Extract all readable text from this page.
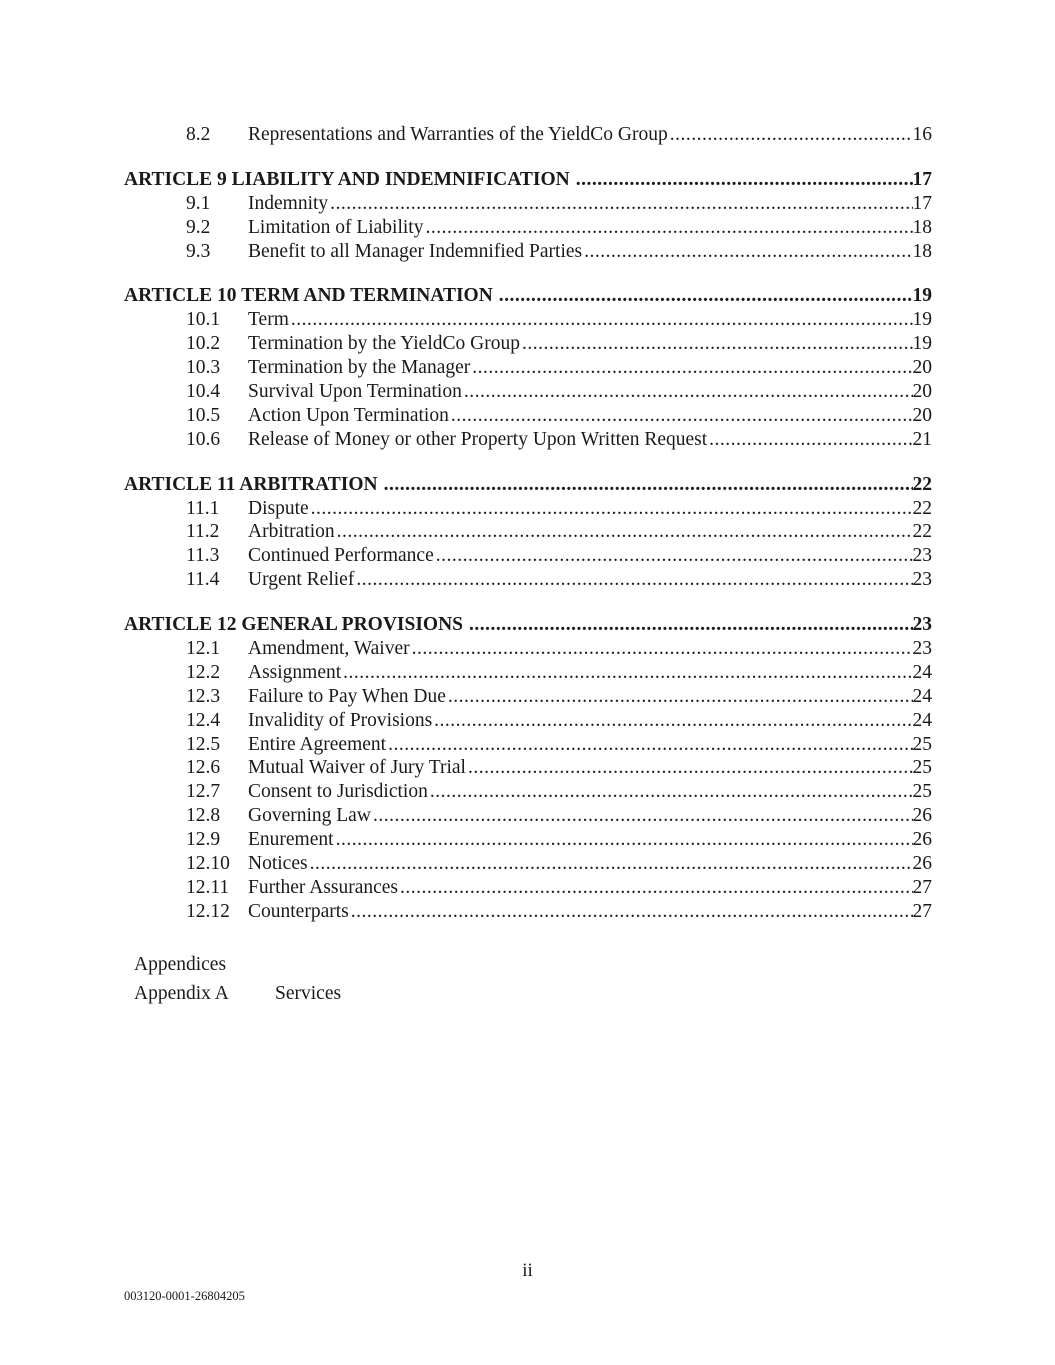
8.2	Representations and Warranties of the YieldCo Group .....	16
ARTICLE 9 LIABILITY AND INDEMNIFICATION .....	17
9.1	Indemnity .....	17
9.2	Limitation of Liability .....	18
9.3	Benefit to all Manager Indemnified Parties .....	18
ARTICLE 10 TERM AND TERMINATION .....	19
10.1	Term .....	19
10.2	Termination by the YieldCo Group .....	19
10.3	Termination by the Manager .....	20
10.4	Survival Upon Termination .....	20
10.5	Action Upon Termination .....	20
10.6	Release of Money or other Property Upon Written Request .....	21
ARTICLE 11 ARBITRATION .....	22
11.1	Dispute .....	22
11.2	Arbitration .....	22
11.3	Continued Performance .....	23
11.4	Urgent Relief .....	23
ARTICLE 12 GENERAL PROVISIONS .....	23
12.1	Amendment, Waiver .....	23
12.2	Assignment .....	24
12.3	Failure to Pay When Due .....	24
12.4	Invalidity of Provisions .....	24
12.5	Entire Agreement .....	25
12.6	Mutual Waiver of Jury Trial .....	25
12.7	Consent to Jurisdiction .....	25
12.8	Governing Law .....	26
12.9	Enurement .....	26
12.10 Notices .....	26
12.11 Further Assurances .....	27
12.12 Counterparts .....	27
Appendices
Appendix A	Services
ii
003120-0001-26804205
